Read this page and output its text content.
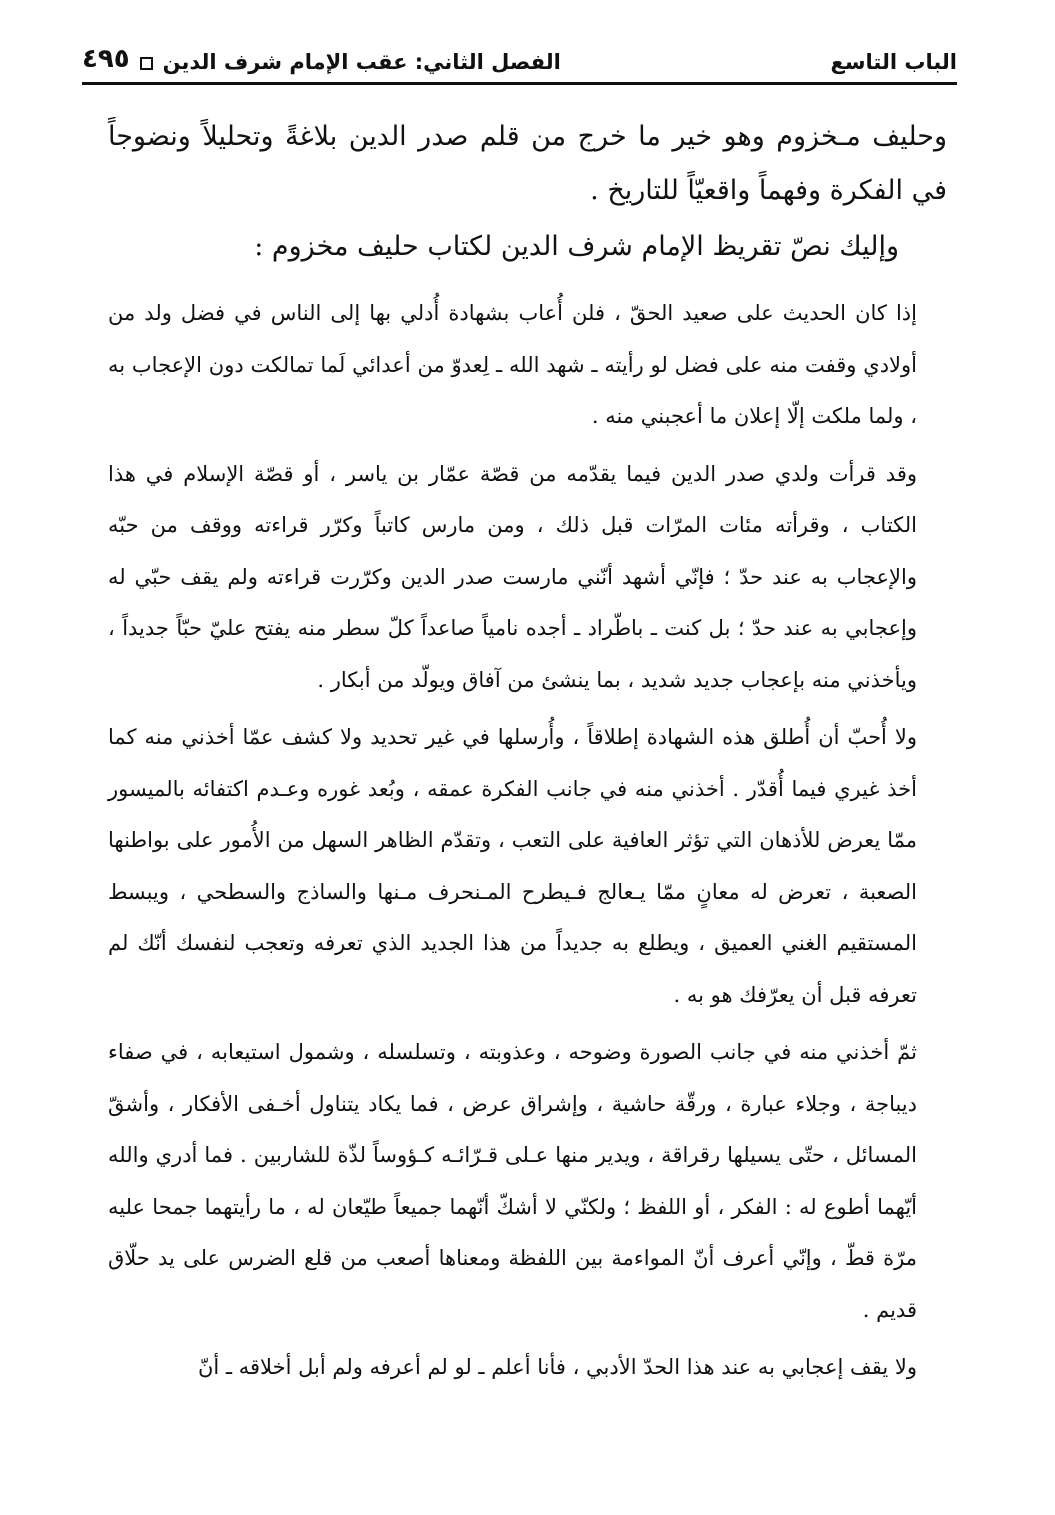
الباب التاسع
الفصل الثاني: عقب الإمام شرف الدين
٤٩٥

وحليف مـخزوم وهو خير ما خرج من قلم صدر الدين بلاغةً وتحليلاً ونضوجاً في الفكرة وفهماً واقعيّاً للتاريخ .

وإليك نصّ تقريظ الإمام شرف الدين لكتاب حليف مخزوم :

إذا كان الحديث على صعيد الحقّ ، فلن أُعاب بشهادة أُدلي بها إلى الناس في فضل ولد من أولادي وقفت منه على فضل لو رأيته ـ شهد الله ـ لِعدوّ من أعدائي لَما تمالكت دون الإعجاب به ، ولما ملكت إلّا إعلان ما أعجبني منه .

وقد قرأت ولدي صدر الدين فيما يقدّمه من قصّة عمّار بن ياسر ، أو قصّة الإسلام في هذا الكتاب ، وقرأته مئات المرّات قبل ذلك ، ومن مارس كاتباً وكرّر قراءته ووقف من حبّه والإعجاب به عند حدّ ؛ فإنّي أشهد أنّني مارست صدر الدين وكرّرت قراءته ولم يقف حبّي له وإعجابي به عند حدّ ؛ بل كنت ـ باطّراد ـ أجده نامياً صاعداً كلّ سطر منه يفتح عليّ حبّاً جديداً ، ويأخذني منه بإعجاب جديد شديد ، بما ينشئ من آفاق ويولّد من أبكار .

ولا أُحبّ أن أُطلق هذه الشهادة إطلاقاً ، وأُرسلها في غير تحديد ولا كشف عمّا أخذني منه كما أخذ غيري فيما أُقدّر . أخذني منه في جانب الفكرة عمقه ، وبُعد غوره وعـدم اكتفائه بالميسور ممّا يعرض للأذهان التي تؤثر العافية على التعب ، وتقدّم الظاهر السهل من الأُمور على بواطنها الصعبة ، تعرض له معانٍ ممّا يـعالج فـيطرح المـنحرف مـنها والساذج والسطحي ، ويبسط المستقيم الغني العميق ، ويطلع به جديداً من هذا الجديد الذي تعرفه وتعجب لنفسك أنّك لم تعرفه قبل أن يعرّفك هو به .

ثمّ أخذني منه في جانب الصورة وضوحه ، وعذوبته ، وتسلسله ، وشمول استيعابه ، في صفاء ديباجة ، وجلاء عبارة ، ورقّة حاشية ، وإشراق عرض ، فما يكاد يتناول أخـفى الأفكار ، وأشقّ المسائل ، حتّى يسيلها رقراقة ، ويدير منها عـلى قـرّائـه كـؤوساً لذّة للشاربين . فما أدري والله أيّهما أطوع له : الفكر ، أو اللفظ ؛ ولكنّي لا أشكّ أنّهما جميعاً طيّعان له ، ما رأيتهما جمحا عليه مرّة قطّ ، وإنّي أعرف أنّ المواءمة بين اللفظة ومعناها أصعب من قلع الضرس على يد حلّاق قديم .

ولا يقف إعجابي به عند هذا الحدّ الأدبي ، فأنا أعلم ـ لو لم أعرفه ولم أبل أخلاقه ـ أنّ
